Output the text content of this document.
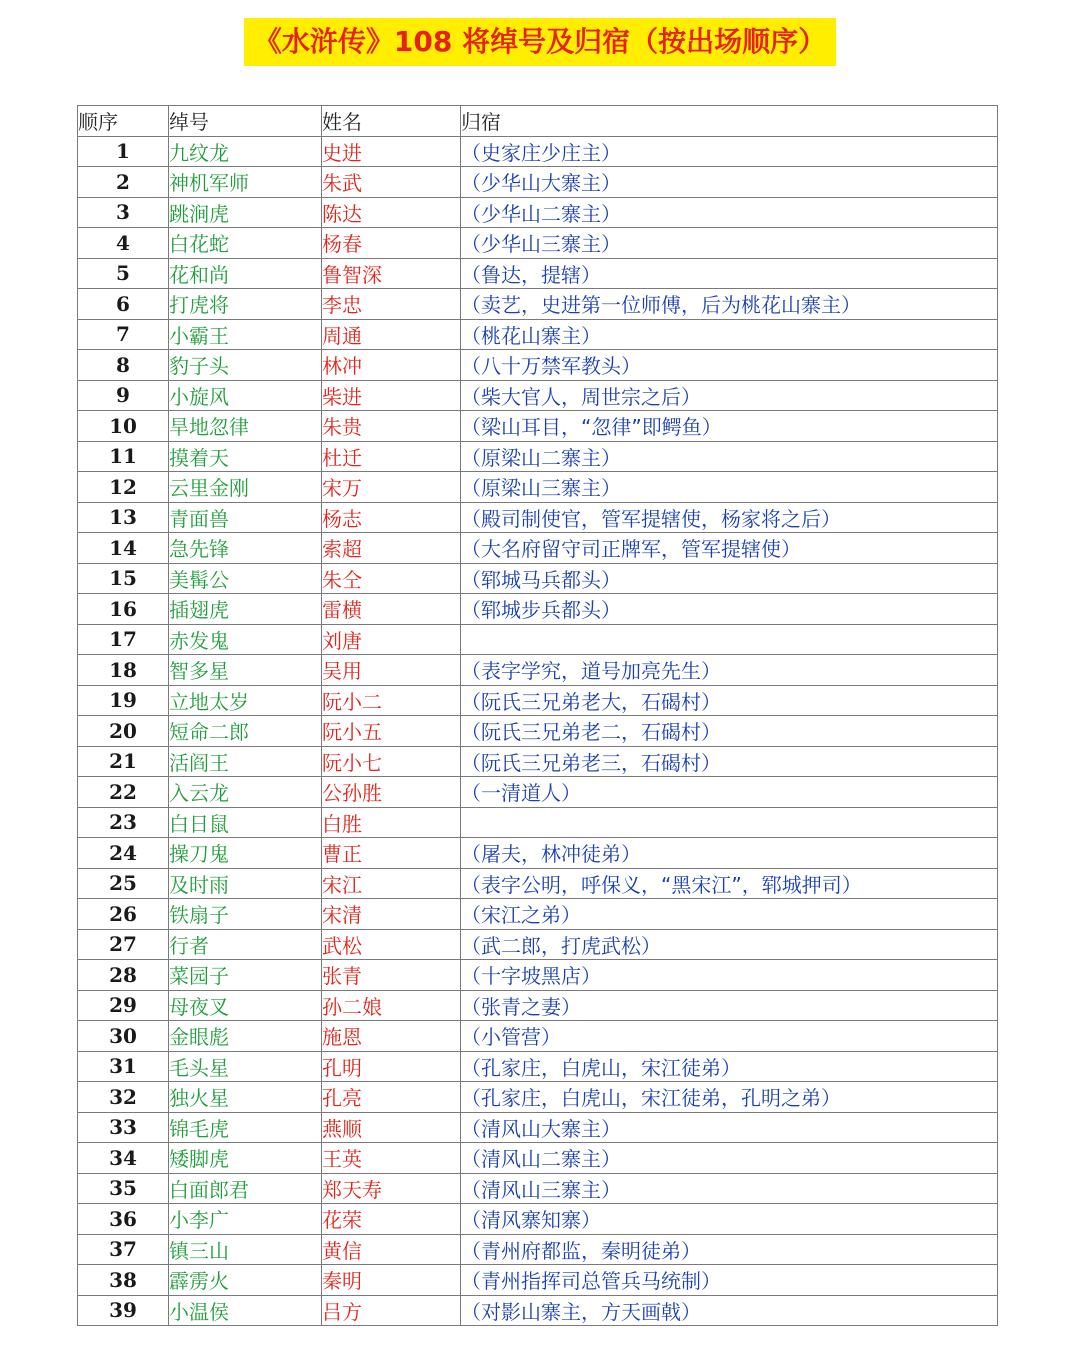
《水浒传》108 将绰号及归宿（按出场顺序）
顺序	绰号	姓名	归宿
1	九纹龙	史进	（史家庄少庄主）
2	神机军师	朱武	（少华山大寨主）
3	跳涧虎	陈达	（少华山二寨主）
4	白花蛇	杨春	（少华山三寨主）
5	花和尚	鲁智深	（鲁达，提辖）
6	打虎将	李忠	（卖艺，史进第一位师傅，后为桃花山寨主）
7	小霸王	周通	（桃花山寨主）
8	豹子头	林冲	（八十万禁军教头）
9	小旋风	柴进	（柴大官人，周世宗之后）
10	旱地忽律	朱贵	（梁山耳目，“忽律”即鳄鱼）
11	摸着天	杜迁	（原梁山二寨主）
12	云里金刚	宋万	（原梁山三寨主）
13	青面兽	杨志	（殿司制使官，管军提辖使，杨家将之后）
14	急先锋	索超	（大名府留守司正牌军，管军提辖使）
15	美髯公	朱仝	（郓城马兵都头）
16	插翅虎	雷横	（郓城步兵都头）
17	赤发鬼	刘唐	
18	智多星	吴用	（表字学究，道号加亮先生）
19	立地太岁	阮小二	（阮氏三兄弟老大，石碣村）
20	短命二郎	阮小五	（阮氏三兄弟老二，石碣村）
21	活阎王	阮小七	（阮氏三兄弟老三，石碣村）
22	入云龙	公孙胜	（一清道人）
23	白日鼠	白胜	
24	操刀鬼	曹正	（屠夫，林冲徒弟）
25	及时雨	宋江	（表字公明，呼保义，“黑宋江”，郓城押司）
26	铁扇子	宋清	（宋江之弟）
27	行者	武松	（武二郎，打虎武松）
28	菜园子	张青	（十字坡黑店）
29	母夜叉	孙二娘	（张青之妻）
30	金眼彪	施恩	（小管营）
31	毛头星	孔明	（孔家庄，白虎山，宋江徒弟）
32	独火星	孔亮	（孔家庄，白虎山，宋江徒弟，孔明之弟）
33	锦毛虎	燕顺	（清风山大寨主）
34	矮脚虎	王英	（清风山二寨主）
35	白面郎君	郑天寿	（清风山三寨主）
36	小李广	花荣	（清风寨知寨）
37	镇三山	黄信	（青州府都监，秦明徒弟）
38	霹雳火	秦明	（青州指挥司总管兵马统制）
39	小温侯	吕方	（对影山寨主，方天画戟）
